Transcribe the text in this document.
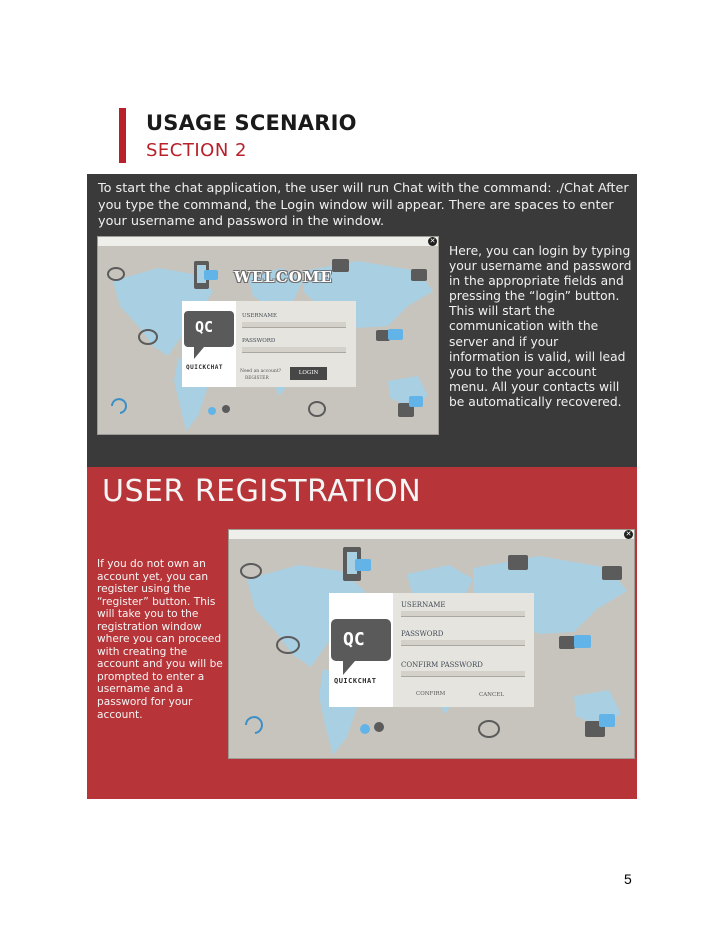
USAGE SCENARIO
SECTION 2
To start the chat application, the user will run Chat with the command: ./Chat After you type the command, the Login window will appear. There are spaces to enter your username and password in the window.
✕
WELCOME
QC
QUICKCHAT
USERNAME
PASSWORD
Need an account?
REGISTER
LOGIN
Here, you can login by typing your username and password in the appropriate fields and pressing the “login” button. This will start the communication with the server and if your information is valid, will lead you to the your account menu. All your contacts will be automatically recovered.
USER REGISTRATION
If you do not own an account yet, you can register using the “register” button. This will take you to the registration window where you can proceed with creating the account and you will be prompted to enter a username and a password for your account.
✕
QC
QUICKCHAT
USERNAME
PASSWORD
CONFIRM PASSWORD
CONFIRM	CANCEL
5
